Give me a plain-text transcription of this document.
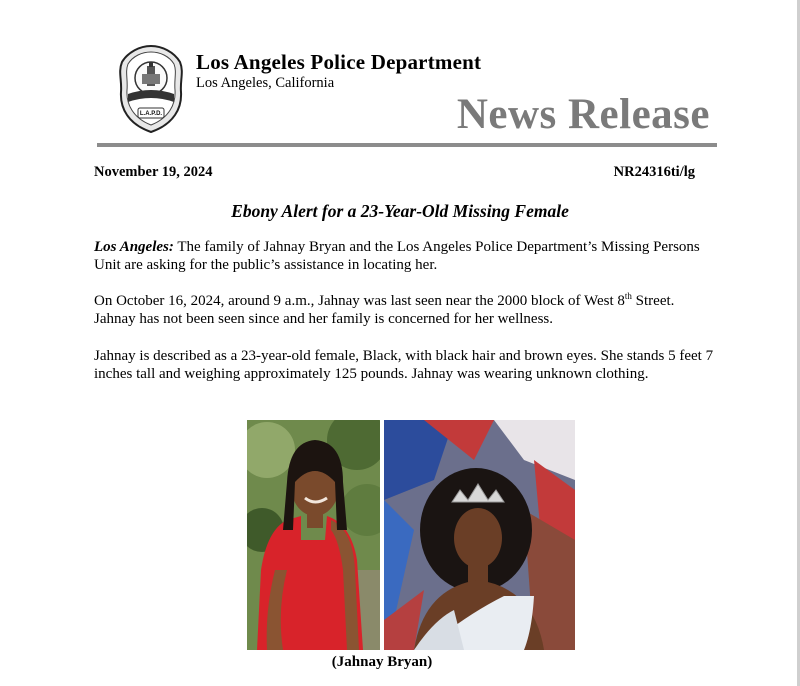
L.A.P.D.
Los Angeles Police Department
Los Angeles, California
News Release
November 19, 2024	NR24316ti/lg
Ebony Alert for a 23-Year-Old Missing Female
Los Angeles: The family of Jahnay Bryan and the Los Angeles Police Department’s Missing Persons Unit are asking for the public’s assistance in locating her.
On October 16, 2024, around 9 a.m., Jahnay was last seen near the 2000 block of West 8th Street. Jahnay has not been seen since and her family is concerned for her wellness.
Jahnay is described as a 23-year-old female, Black, with black hair and brown eyes. She stands 5 feet 7 inches tall and weighing approximately 125 pounds. Jahnay was wearing unknown clothing.
(Jahnay Bryan)
